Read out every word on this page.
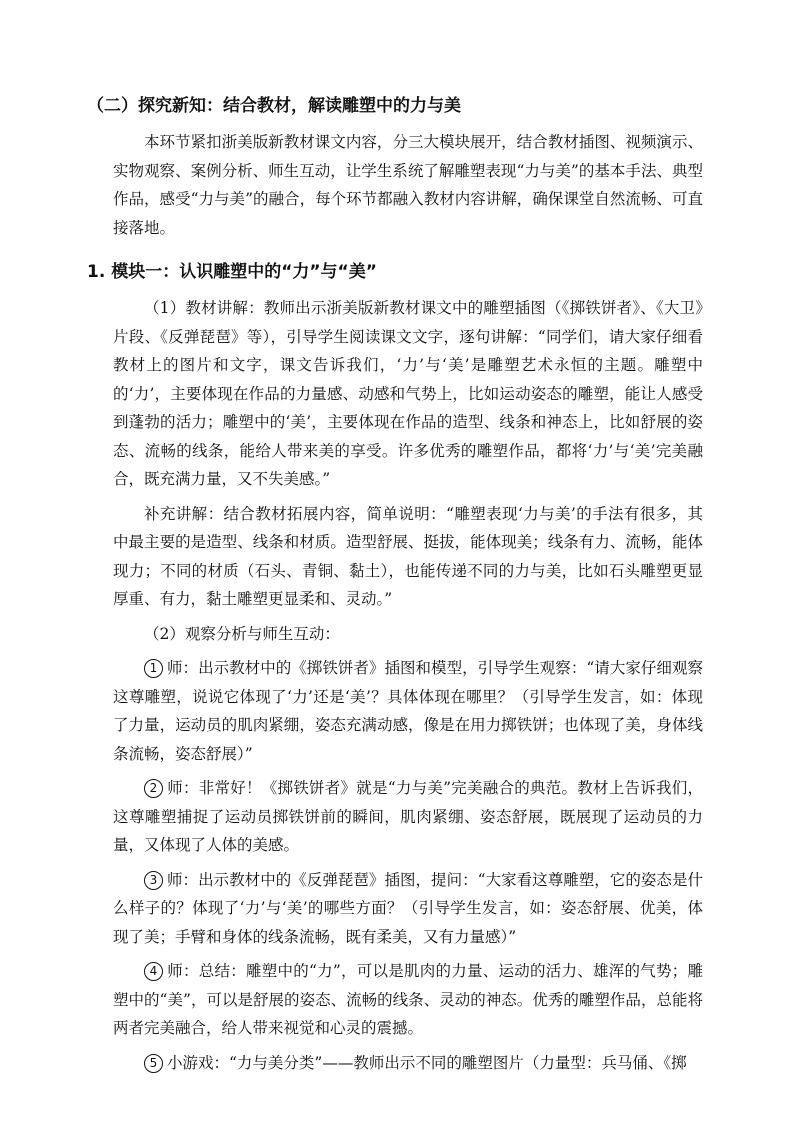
（二）探究新知：结合教材，解读雕塑中的力与美

本环节紧扣浙美版新教材课文内容，分三大模块展开，结合教材插图、视频演示、实物观察、案例分析、师生互动，让学生系统了解雕塑表现“力与美”的基本手法、典型作品，感受“力与美”的融合，每个环节都融入教材内容讲解，确保课堂自然流畅、可直接落地。

1. 模块一：认识雕塑中的“力”与“美”

（1）教材讲解：教师出示浙美版新教材课文中的雕塑插图（《掷铁饼者》、《大卫》片段、《反弹琵琶》等），引导学生阅读课文文字，逐句讲解：“同学们，请大家仔细看教材上的图片和文字，课文告诉我们，‘力’与‘美’是雕塑艺术永恒的主题。雕塑中的‘力’，主要体现在作品的力量感、动感和气势上，比如运动姿态的雕塑，能让人感受到蓬勃的活力；雕塑中的‘美’，主要体现在作品的造型、线条和神态上，比如舒展的姿态、流畅的线条，能给人带来美的享受。许多优秀的雕塑作品，都将‘力’与‘美’完美融合，既充满力量，又不失美感。”

补充讲解：结合教材拓展内容，简单说明：“雕塑表现‘力与美’的手法有很多，其中最主要的是造型、线条和材质。造型舒展、挺拔，能体现美；线条有力、流畅，能体现力；不同的材质（石头、青铜、黏土），也能传递不同的力与美，比如石头雕塑更显厚重、有力，黏土雕塑更显柔和、灵动。”

（2）观察分析与师生互动：

1 师：出示教材中的《掷铁饼者》插图和模型，引导学生观察：“请大家仔细观察这尊雕塑，说说它体现了‘力’还是‘美’？具体体现在哪里？（引导学生发言，如：体现了力量，运动员的肌肉紧绷，姿态充满动感，像是在用力掷铁饼；也体现了美，身体线条流畅，姿态舒展）”

2 师：非常好！《掷铁饼者》就是“力与美”完美融合的典范。教材上告诉我们，这尊雕塑捕捉了运动员掷铁饼前的瞬间，肌肉紧绷、姿态舒展，既展现了运动员的力量，又体现了人体的美感。

3 师：出示教材中的《反弹琵琶》插图，提问：“大家看这尊雕塑，它的姿态是什么样子的？体现了‘力’与‘美’的哪些方面？（引导学生发言，如：姿态舒展、优美，体现了美；手臂和身体的线条流畅，既有柔美，又有力量感）”

4 师：总结：雕塑中的“力”，可以是肌肉的力量、运动的活力、雄浑的气势；雕塑中的“美”，可以是舒展的姿态、流畅的线条、灵动的神态。优秀的雕塑作品，总能将两者完美融合，给人带来视觉和心灵的震撼。

5 小游戏：“力与美分类”——教师出示不同的雕塑图片（力量型：兵马俑、《掷
